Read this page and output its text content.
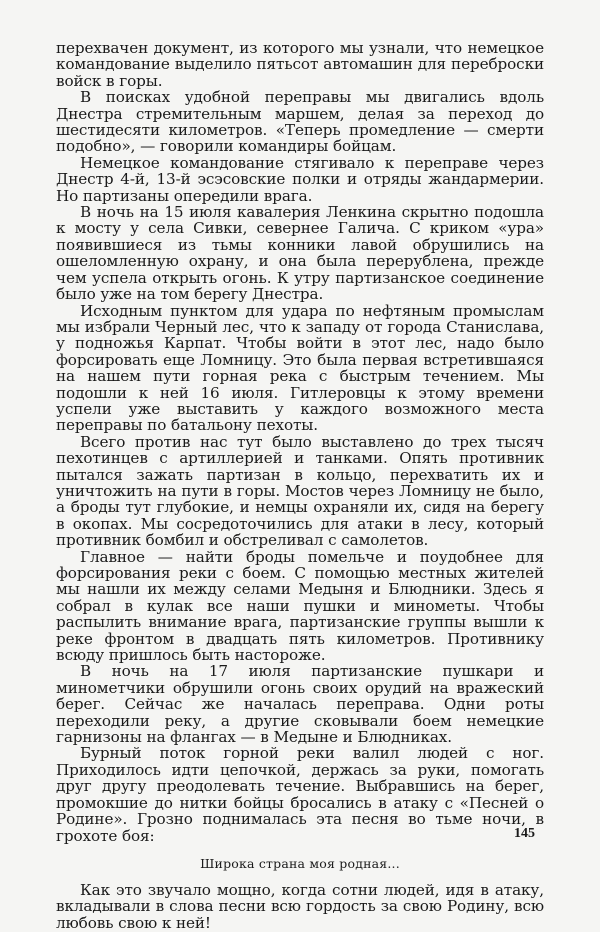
перехвачен документ, из которого мы узнали, что немецкое командование выделило пятьсот автомашин для переброски войск в горы.

В поисках удобной переправы мы двигались вдоль Днестра стремительным маршем, делая за переход до шестидесяти километров. «Теперь промедление — смерти подобно», — говорили командиры бойцам.

Немецкое командование стягивало к переправе через Днестр 4-й, 13-й эсэсовские полки и отряды жандармерии. Но партизаны опередили врага.

В ночь на 15 июля кавалерия Ленкина скрытно подошла к мосту у села Сивки, севернее Галича. С криком «ура» появившиеся из тьмы конники лавой обрушились на ошеломленную охрану, и она была перерублена, прежде чем успела открыть огонь. К утру партизанское соединение было уже на том берегу Днестра.

Исходным пунктом для удара по нефтяным промыслам мы избрали Черный лес, что к западу от города Станислава, у подножья Карпат. Чтобы войти в этот лес, надо было форсировать еще Ломницу. Это была первая встретившаяся на нашем пути горная река с быстрым течением. Мы подошли к ней 16 июля. Гитлеровцы к этому времени успели уже выставить у каждого возможного места переправы по батальону пехоты.

Всего против нас тут было выставлено до трех тысяч пехотинцев с артиллерией и танками. Опять противник пытался зажать партизан в кольцо, перехватить их и уничтожить на пути в горы. Мостов через Ломницу не было, а броды тут глубокие, и немцы охраняли их, сидя на берегу в окопах. Мы сосредоточились для атаки в лесу, который противник бомбил и обстреливал с самолетов.

Главное — найти броды помельче и поудобнее для форсирования реки с боем. С помощью местных жителей мы нашли их между селами Медыня и Блюдники. Здесь я собрал в кулак все наши пушки и минометы. Чтобы распылить внимание врага, партизанские группы вышли к реке фронтом в двадцать пять километров. Противнику всюду пришлось быть настороже.

В ночь на 17 июля партизанские пушкари и минометчики обрушили огонь своих орудий на вражеский берег. Сейчас же началась переправа. Одни роты переходили реку, а другие сковывали боем немецкие гарнизоны на флангах — в Медыне и Блюдниках.

Бурный поток горной реки валил людей с ног. Приходилось идти цепочкой, держась за руки, помогать друг другу преодолевать течение. Выбравшись на берег, промокшие до нитки бойцы бросались в атаку с «Песней о Родине». Грозно поднималась эта песня во тьме ночи, в грохоте боя:

Широка страна моя родная...

Как это звучало мощно, когда сотни людей, идя в атаку, вкладывали в слова песни всю гордость за свою Родину, всю любовь свою к ней!

145
